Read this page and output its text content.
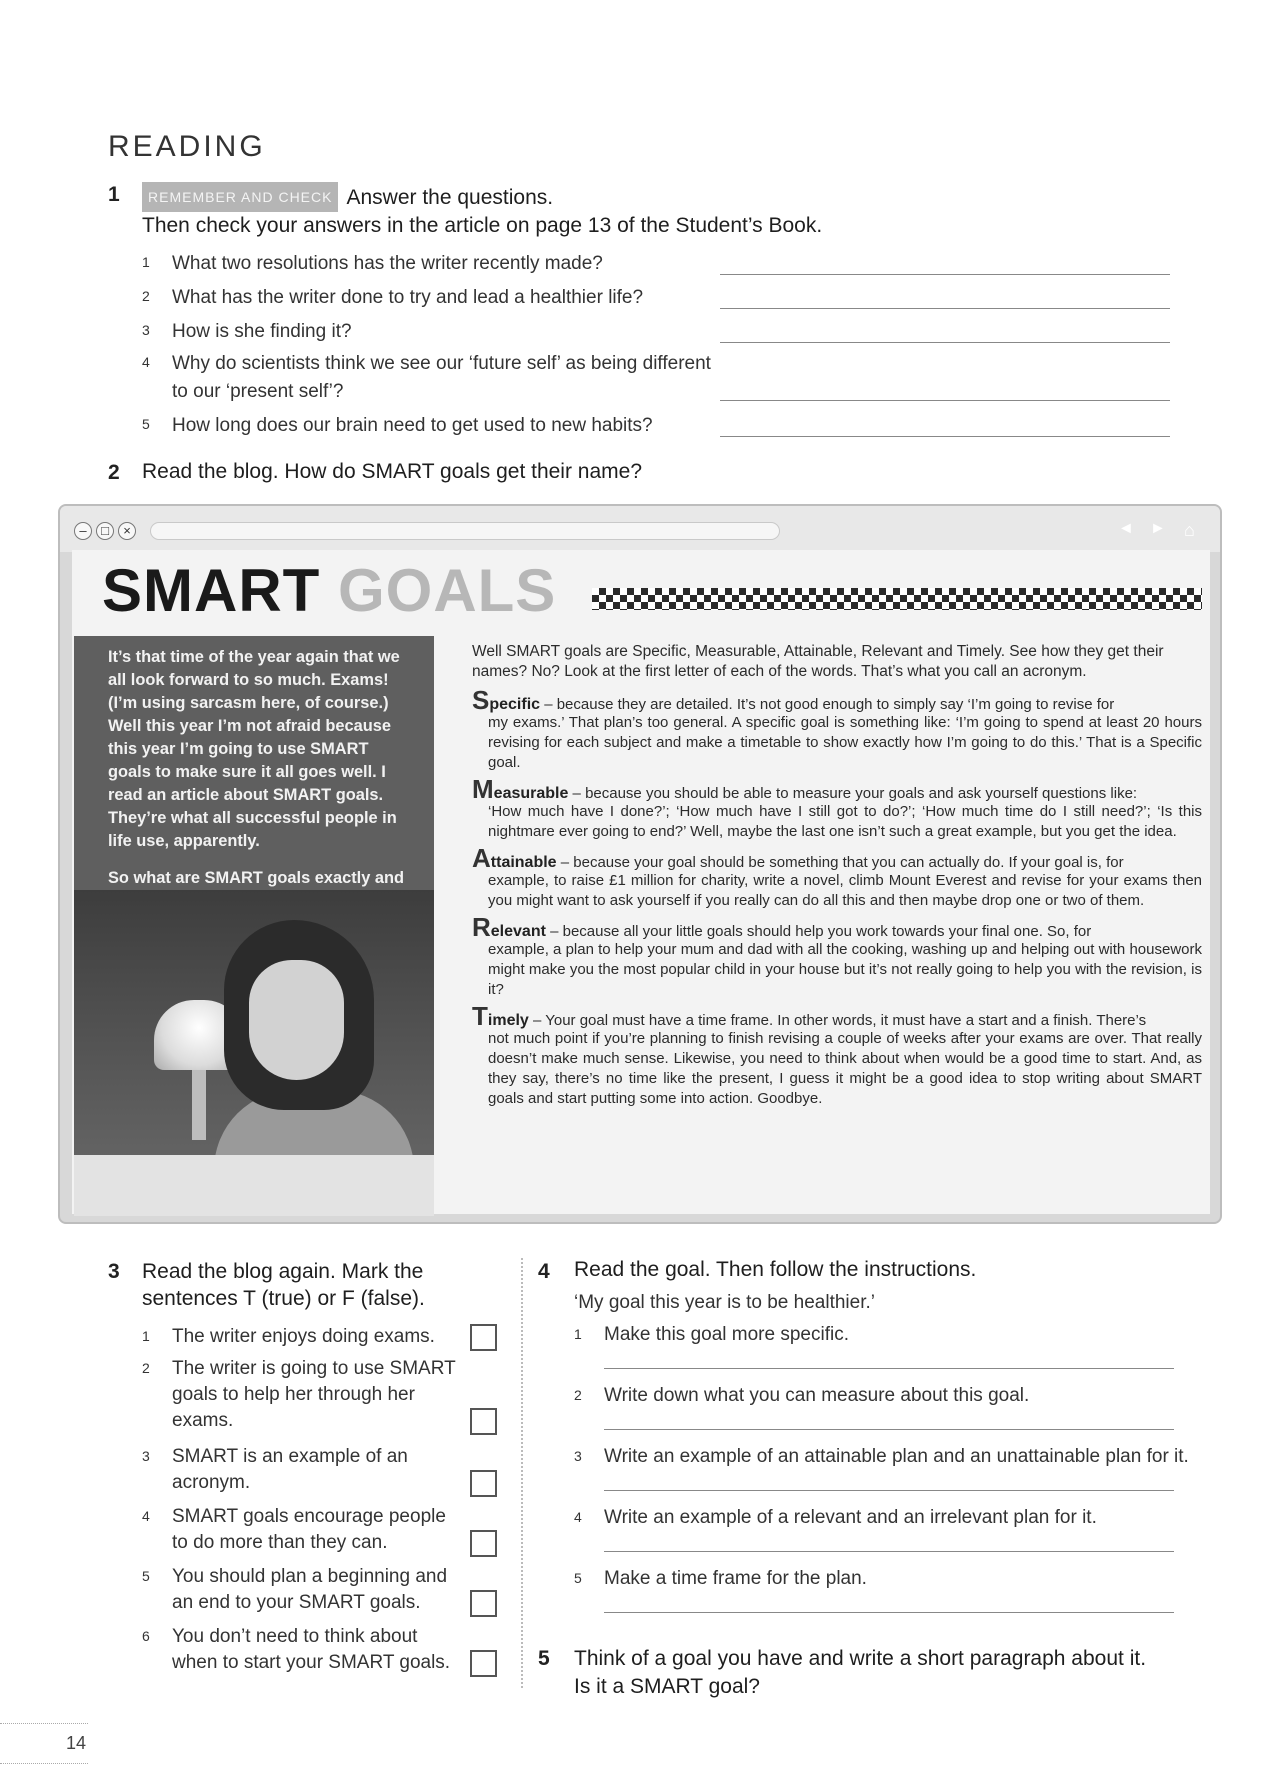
READING
1	REMEMBER AND CHECK Answer the questions.
Then check your answers in the article on page 13 of the Student’s Book.
1 What two resolutions has the writer recently made?
2 What has the writer done to try and lead a healthier life?
3 How is she finding it?
4 Why do scientists think we see our ‘future self’ as being different to our ‘present self’?
5 How long does our brain need to get used to new habits?
2 Read the blog. How do SMART goals get their name?
–	□	×	◄ ► ⌂
SMART GOALS

It’s that time of the year again that we all look forward to so much. Exams! (I’m using sarcasm here, of course.) Well this year I’m not afraid because this year I’m going to use SMART goals to make sure it all goes well. I read an article about SMART goals. They’re what all successful people in life use, apparently.

So what are SMART goals exactly and

Well SMART goals are Specific, Measurable, Attainable, Relevant and Timely. See how they get their names? No? Look at the first letter of each of the words. That’s what you call an acronym.

Specific – because they are detailed. It’s not good enough to simply say ‘I’m going to revise for
my exams.’ That plan’s too general. A specific goal is something like: ‘I’m going to spend at least 20 hours revising for each subject and make a timetable to show exactly how I’m going to do this.’ That is a Specific goal.
Measurable – because you should be able to measure your goals and ask yourself questions like:
‘How much have I done?’; ‘How much have I still got to do?’; ‘How much time do I still need?’; ‘Is this nightmare ever going to end?’ Well, maybe the last one isn’t such a great example, but you get the idea.
Attainable – because your goal should be something that you can actually do. If your goal is, for
example, to raise £1 million for charity, write a novel, climb Mount Everest and revise for your exams then you might want to ask yourself if you really can do all this and then maybe drop one or two of them.
Relevant – because all your little goals should help you work towards your final one. So, for
example, a plan to help your mum and dad with all the cooking, washing up and helping out with housework might make you the most popular child in your house but it’s not really going to help you with the revision, is it?
Timely – Your goal must have a time frame. In other words, it must have a start and a finish. There’s
not much point if you’re planning to finish revising a couple of weeks after your exams are over. That really doesn’t make much sense. Likewise, you need to think about when would be a good time to start. And, as they say, there’s no time like the present, I guess it might be a good idea to stop writing about SMART goals and start putting some into action. Goodbye.
3 Read the blog again. Mark the
sentences T (true) or F (false).
1 The writer enjoys doing exams.
2 The writer is going to use SMART goals to help her through her exams.
3 SMART is an example of an acronym.
4 SMART goals encourage people to do more than they can.
5 You should plan a beginning and an end to your SMART goals.
6 You don’t need to think about when to start your SMART goals.
4 Read the goal. Then follow the instructions.
‘My goal this year is to be healthier.’
1 Make this goal more specific.
2 Write down what you can measure about this goal.
3 Write an example of an attainable plan and an unattainable plan for it.
4 Write an example of a relevant and an irrelevant plan for it.
5 Make a time frame for the plan.
5 Think of a goal you have and write a short paragraph about it.
Is it a SMART goal?
14
